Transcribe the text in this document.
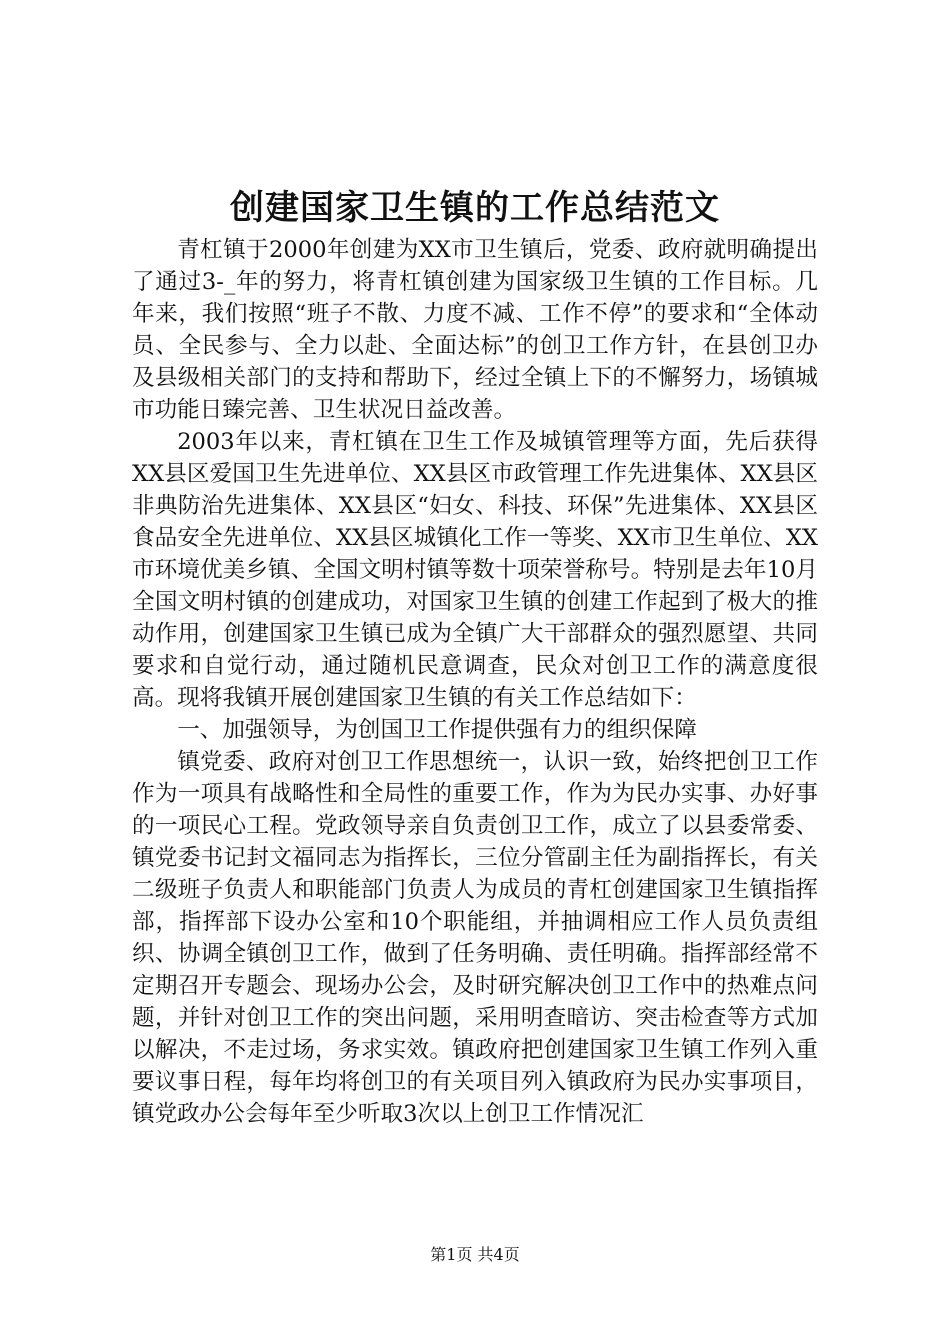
创建国家卫生镇的工作总结范文

青杠镇于2000年创建为XX市卫生镇后，党委、政府就明确提出了通过3-_年的努力，将青杠镇创建为国家级卫生镇的工作目标。几年来，我们按照“班子不散、力度不减、工作不停”的要求和“全体动员、全民参与、全力以赴、全面达标”的创卫工作方针，在县创卫办及县级相关部门的支持和帮助下，经过全镇上下的不懈努力，场镇城市功能日臻完善、卫生状况日益改善。

2003年以来，青杠镇在卫生工作及城镇管理等方面，先后获得XX县区爱国卫生先进单位、XX县区市政管理工作先进集体、XX县区非典防治先进集体、XX县区“妇女、科技、环保”先进集体、XX县区食品安全先进单位、XX县区城镇化工作一等奖、XX市卫生单位、XX市环境优美乡镇、全国文明村镇等数十项荣誉称号。特别是去年10月全国文明村镇的创建成功，对国家卫生镇的创建工作起到了极大的推动作用，创建国家卫生镇已成为全镇广大干部群众的强烈愿望、共同要求和自觉行动，通过随机民意调查，民众对创卫工作的满意度很高。现将我镇开展创建国家卫生镇的有关工作总结如下：

一、加强领导，为创国卫工作提供强有力的组织保障

镇党委、政府对创卫工作思想统一，认识一致，始终把创卫工作作为一项具有战略性和全局性的重要工作，作为为民办实事、办好事的一项民心工程。党政领导亲自负责创卫工作，成立了以县委常委、镇党委书记封文福同志为指挥长，三位分管副主任为副指挥长，有关二级班子负责人和职能部门负责人为成员的青杠创建国家卫生镇指挥部，指挥部下设办公室和10个职能组，并抽调相应工作人员负责组织、协调全镇创卫工作，做到了任务明确、责任明确。指挥部经常不定期召开专题会、现场办公会，及时研究解决创卫工作中的热难点问题，并针对创卫工作的突出问题，采用明查暗访、突击检查等方式加以解决，不走过场，务求实效。镇政府把创建国家卫生镇工作列入重要议事日程，每年均将创卫的有关项目列入镇政府为民办实事项目，镇党政办公会每年至少听取3次以上创卫工作情况汇

第1页 共4页
